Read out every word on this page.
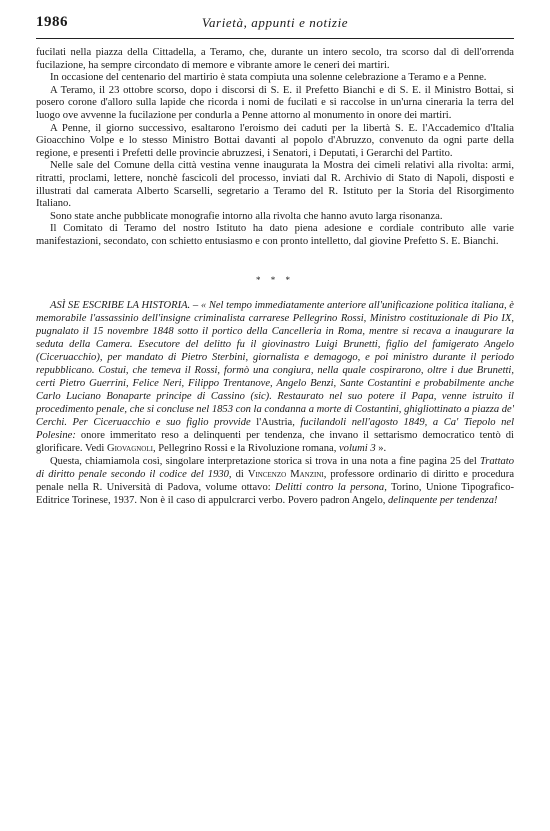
1986	Varietà, appunti e notizie

fucilati nella piazza della Cittadella, a Teramo, che, durante un intero secolo, tra scorso dal dì dell'orrenda fucilazione, ha sempre circondato di memore e vibrante amore le ceneri dei martiri.

In occasione del centenario del martirio è stata compiuta una solenne celebrazione a Teramo e a Penne.

A Teramo, il 23 ottobre scorso, dopo i discorsi di S. E. il Prefetto Bianchi e di S. E. il Ministro Bottai, si posero corone d'alloro sulla lapide che ricorda i nomi de fucilati e si raccolse in un'urna cineraria la terra del luogo ove avvenne la fucilazione per condurla a Penne attorno al monumento in onore dei martiri.

A Penne, il giorno successivo, esaltarono l'eroismo dei caduti per la libertà S. E. l'Accademico d'Italia Gioacchino Volpe e lo stesso Ministro Bottai davanti al popolo d'Abruzzo, convenuto da ogni parte della regione, e presenti i Prefetti delle provincie abruzzesi, i Senatori, i Deputati, i Gerarchi del Partito.

Nelle sale del Comune della città vestina venne inaugurata la Mostra dei cimeli relativi alla rivolta: armi, ritratti, proclami, lettere, nonchè fascicoli del processo, inviati dal R. Archivio di Stato di Napoli, disposti e illustrati dal camerata Alberto Scarselli, segretario a Teramo del R. Istituto per la Storia del Risorgimento Italiano.

Sono state anche pubblicate monografie intorno alla rivolta che hanno avuto larga risonanza.

Il Comitato di Teramo del nostro Istituto ha dato piena adesione e cordiale contributo alle varie manifestazioni, secondato, con schietto entusiasmo e con pronto intelletto, dal giovine Prefetto S. E. Bianchi.

* * *

ASÌ SE ESCRIBE LA HISTORIA. – « Nel tempo immediatamente anteriore all'unificazione politica italiana, è memorabile l'assassinio dell'insigne criminalista carrarese Pellegrino Rossi, Ministro costituzionale di Pio IX, pugnalato il 15 novembre 1848 sotto il portico della Cancelleria in Roma, mentre si recava a inaugurare la seduta della Camera. Esecutore del delitto fu il giovinastro Luigi Brunetti, figlio del famigerato Angelo (Ciceruacchio), per mandato di Pietro Sterbini, giornalista e demagogo, e poi ministro durante il periodo repubblicano. Costui, che temeva il Rossi, formò una congiura, nella quale cospirarono, oltre i due Brunetti, certi Pietro Guerrini, Felice Neri, Filippo Trentanove, Angelo Benzi, Sante Costantini e probabilmente anche Carlo Luciano Bonaparte principe di Cassino (sic). Restaurato nel suo potere il Papa, venne istruito il procedimento penale, che si concluse nel 1853 con la condanna a morte di Costantini, ghigliottinato a piazza de' Cerchi. Per Ciceruacchio e suo figlio provvide l'Austria, fucilandoli nell'agosto 1849, a Ca' Tiepolo nel Polesine: onore immeritato reso a delinquenti per tendenza, che invano il settarismo democratico tentò di glorificare. Vedi Giovagnoli, Pellegrino Rossi e la Rivoluzione romana, volumi 3 ».

Questa, chiamiamola così, singolare interpretazione storica si trova in una nota a fine pagina 25 del Trattato di diritto penale secondo il codice del 1930, di Vincenzo Manzini, professore ordinario di diritto e procedura penale nella R. Università di Padova, volume ottavo: Delitti contro la persona, Torino, Unione Tipografico-Editrice Torinese, 1937. Non è il caso di appulcrarci verbo. Povero padron Angelo, delinquente per tendenza!
